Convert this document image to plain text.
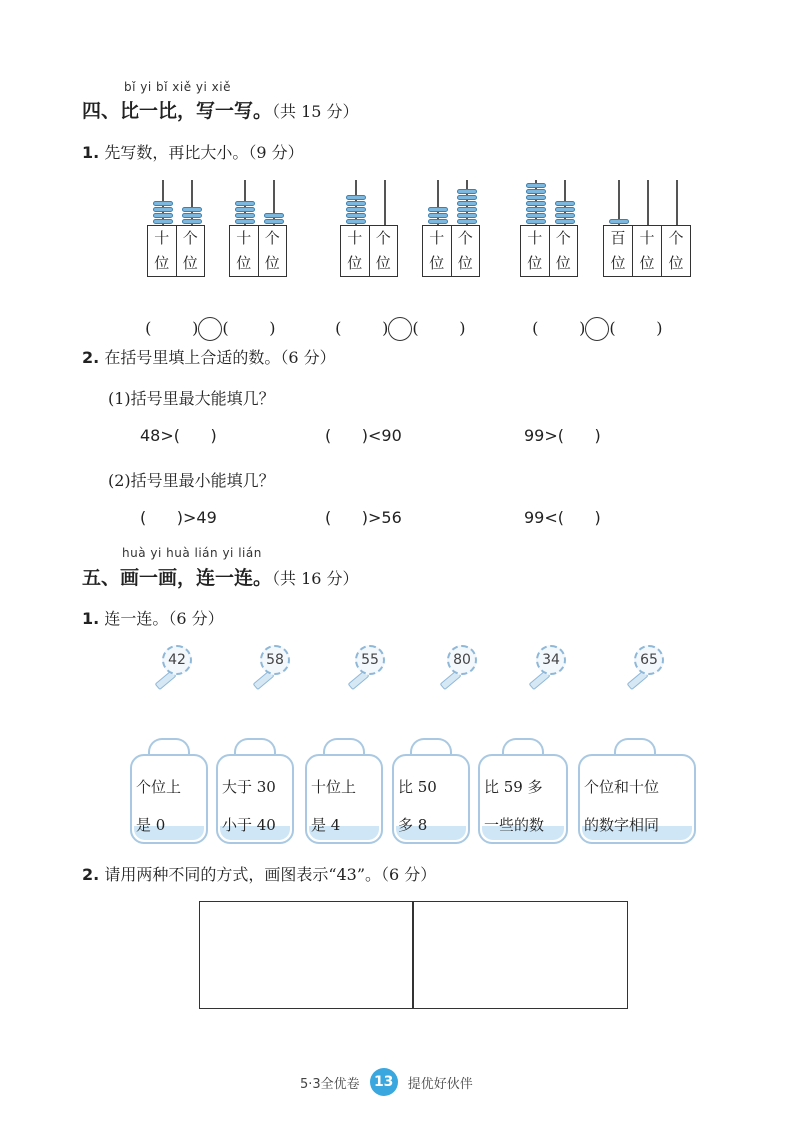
bǐ yi bǐ xiě yi xiě
四、比一比，写一写。（共 15 分）
1. 先写数，再比大小。（9 分）
十
位
个
位
十
位
个
位
十
位
个
位
十
位
个
位
十
位
个
位
百
位
十
位
个
位

(        ) (        )	(        ) (        )	(        ) (        )

2. 在括号里填上合适的数。（6 分）
(1)括号里最大能填几？
48>(      )	(      )<90	99>(      )
(2)括号里最小能填几？
(      )>49	(      )>56	99<(      )
huà yi huà lián yi lián
五、画一画，连一连。（共 16 分）
1. 连一连。（6 分）
42	58	55	80	34	65
个位上
是 0
大于 30
小于 40
十位上
是 4
比 50
多 8
比 59 多
一些的数
个位和十位
的数字相同
2. 请用两种不同的方式，画图表示“43”。（6 分）
5·3全优卷	13	提优好伙伴
